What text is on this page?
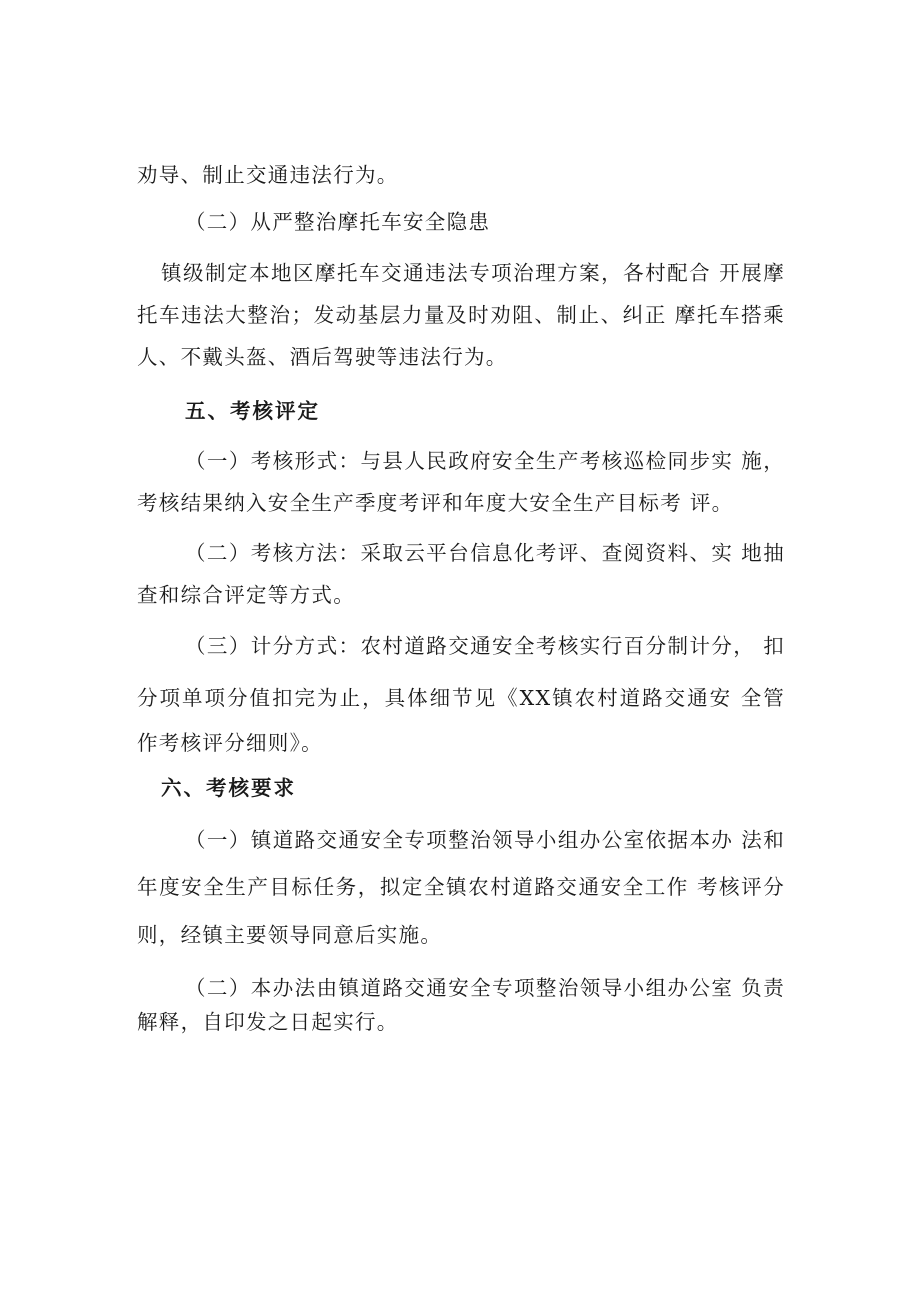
劝导、制止交通违法行为。
（二）从严整治摩托车安全隐患
镇级制定本地区摩托车交通违法专项治理方案，各村配合 开展摩
托车违法大整治；发动基层力量及时劝阻、制止、纠正 摩托车搭乘
人、不戴头盔、酒后驾驶等违法行为。
五、考核评定
（一）考核形式：与县人民政府安全生产考核巡检同步实 施，
考核结果纳入安全生产季度考评和年度大安全生产目标考 评。
（二）考核方法：采取云平台信息化考评、查阅资料、实 地抽
查和综合评定等方式。
（三）计分方式：农村道路交通安全考核实行百分制计分， 扣
分项单项分值扣完为止，具体细节见《XX镇农村道路交通安 全管
作考核评分细则》。
六、考核要求
（一）镇道路交通安全专项整治领导小组办公室依据本办 法和
年度安全生产目标任务，拟定全镇农村道路交通安全工作 考核评分
则，经镇主要领导同意后实施。
（二）本办法由镇道路交通安全专项整治领导小组办公室 负责
解释，自印发之日起实行。
